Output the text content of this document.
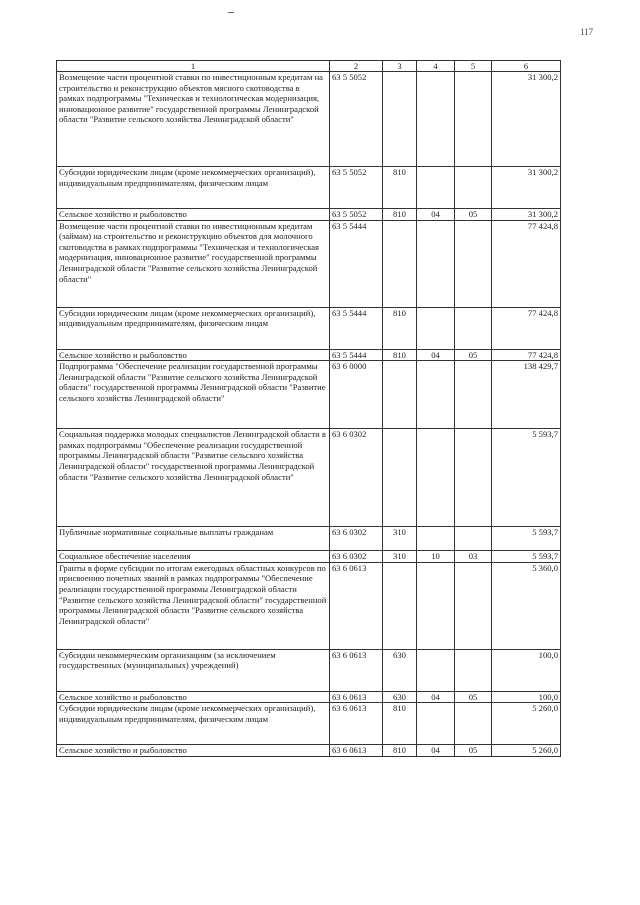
117
1	2	3	4	5	6
Возмещение части процентной ставки по инвестиционным кредитам на строительство и реконструкцию объектов мясного скотоводства в рамках подпрограммы "Техническая и технологическая модернизация, инновационное развитие" государственной программы Ленинградской области "Развитие сельского хозяйства Ленинградской области"	63 5 5052				31 300,2
Субсидии юридическим лицам (кроме некоммерческих организаций), индивидуальным предпринимателям, физическим лицам	63 5 5052	810			31 300,2
Сельское хозяйство и рыболовство	63 5 5052	810	04	05	31 300,2
Возмещение части процентной ставки по инвестиционным кредитам (займам) на строительство и реконструкцию объектов для молочного скотоводства в рамках подпрограммы "Техническая и технологическая модернизация, инновационное развитие" государственной программы Ленинградской области "Развитие сельского хозяйства Ленинградской области"	63 5 5444				77 424,8
Субсидии юридическим лицам (кроме некоммерческих организаций), индивидуальным предпринимателям, физическим лицам	63 5 5444	810			77 424,8
Сельское хозяйство и рыболовство	63 5 5444	810	04	05	77 424,8
Подпрограмма "Обеспечение реализации государственной программы Ленинградской области "Развитие сельского хозяйства Ленинградской области" государственной программы Ленинградской области "Развитие сельского хозяйства Ленинградской области"	63 6 0000				138 429,7
Социальная поддержка молодых специалистов Ленинградской области в рамках подпрограммы "Обеспечение реализации государственной программы Ленинградской области "Развитие сельского хозяйства Ленинградской области" государственной программы Ленинградской области "Развитие сельского хозяйства Ленинградской области"	63 6 0302				5 593,7
Публичные нормативные социальные выплаты гражданам	63 6 0302	310			5 593,7
Социальное обеспечение населения	63 6 0302	310	10	03	5 593,7
Гранты в форме субсидии по итогам ежегодных областных конкурсов по присвоению почетных званий в рамках подпрограммы "Обеспечение реализации государственной программы Ленинградской области "Развитие сельского хозяйства Ленинградской области" государственной программы Ленинградской области "Развитие сельского хозяйства Ленинградской области"	63 6 0613				5 360,0
Субсидии некоммерческим организациям (за исключением государственных (муниципальных) учреждений)	63 6 0613	630			100,0
Сельское хозяйство и рыболовство	63 6 0613	630	04	05	100,0
Субсидии юридическим лицам (кроме некоммерческих организаций), индивидуальным предпринимателям, физическим лицам	63 6 0613	810			5 260,0
Сельское хозяйство и рыболовство	63 6 0613	810	04	05	5 260,0
